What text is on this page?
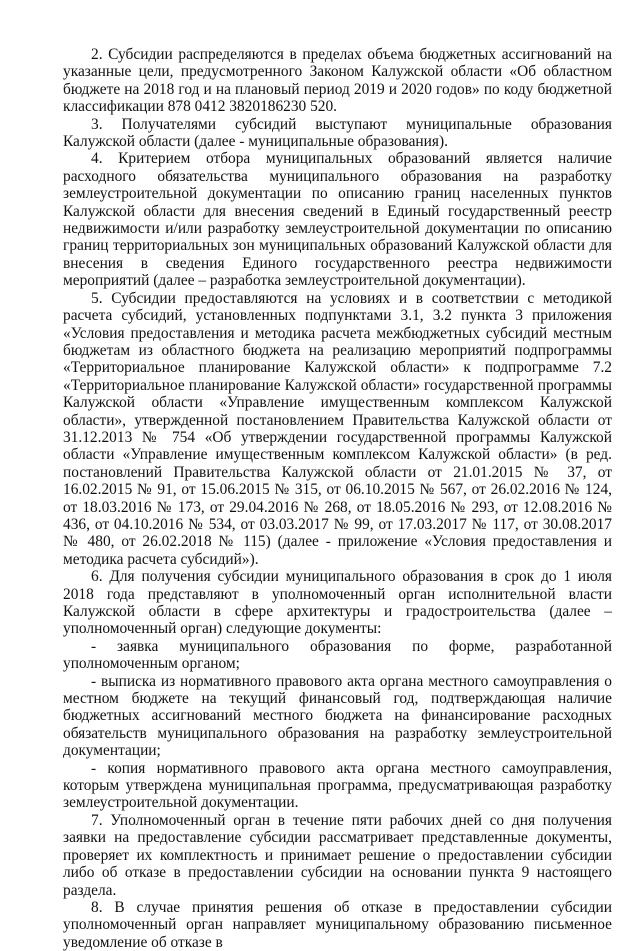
2. Субсидии распределяются в пределах объема бюджетных ассигнований на указанные цели, предусмотренного Законом Калужской области «Об областном бюджете на 2018 год и на плановый период 2019 и 2020 годов» по коду бюджетной классификации 878 0412 3820186230 520.

3. Получателями субсидий выступают муниципальные образования Калужской области (далее - муниципальные образования).

4. Критерием отбора муниципальных образований является наличие расходного обязательства муниципального образования на разработку землеустроительной документации по описанию границ населенных пунктов Калужской области для внесения сведений в Единый государственный реестр недвижимости и/или разработку землеустроительной документации по описанию границ территориальных зон муниципальных образований Калужской области для внесения в сведения Единого государственного реестра недвижимости мероприятий (далее – разработка землеустроительной документации).

5. Субсидии предоставляются на условиях и в соответствии с методикой расчета субсидий, установленных подпунктами 3.1, 3.2 пункта 3 приложения «Условия предоставления и методика расчета межбюджетных субсидий местным бюджетам из областного бюджета на реализацию мероприятий подпрограммы «Территориальное планирование Калужской области» к подпрограмме 7.2 «Территориальное планирование Калужской области» государственной программы Калужской области «Управление имущественным комплексом Калужской области», утвержденной постановлением Правительства Калужской области от 31.12.2013 № 754 «Об утверждении государственной программы Калужской области «Управление имущественным комплексом Калужской области» (в ред. постановлений Правительства Калужской области от 21.01.2015 № 37, от 16.02.2015 № 91, от 15.06.2015 № 315, от 06.10.2015 № 567, от 26.02.2016 № 124, от 18.03.2016 № 173, от 29.04.2016 № 268, от 18.05.2016 № 293, от 12.08.2016 № 436, от 04.10.2016 № 534, от 03.03.2017 № 99, от 17.03.2017 № 117, от 30.08.2017 № 480, от 26.02.2018 № 115) (далее - приложение «Условия предоставления и методика расчета субсидий»).

6. Для получения субсидии муниципального образования в срок до 1 июля 2018 года представляют в уполномоченный орган исполнительной власти Калужской области в сфере архитектуры и градостроительства (далее – уполномоченный орган) следующие документы:

- заявка муниципального образования по форме, разработанной уполномоченным органом;

- выписка из нормативного правового акта органа местного самоуправления о местном бюджете на текущий финансовый год, подтверждающая наличие бюджетных ассигнований местного бюджета на финансирование расходных обязательств муниципального образования на разработку землеустроительной документации;

- копия нормативного правового акта органа местного самоуправления, которым утверждена муниципальная программа, предусматривающая разработку землеустроительной документации.

7. Уполномоченный орган в течение пяти рабочих дней со дня получения заявки на предоставление субсидии рассматривает представленные документы, проверяет их комплектность и принимает решение о предоставлении субсидии либо об отказе в предоставлении субсидии на основании пункта 9 настоящего раздела.

8. В случае принятия решения об отказе в предоставлении субсидии уполномоченный орган направляет муниципальному образованию письменное уведомление об отказе в
